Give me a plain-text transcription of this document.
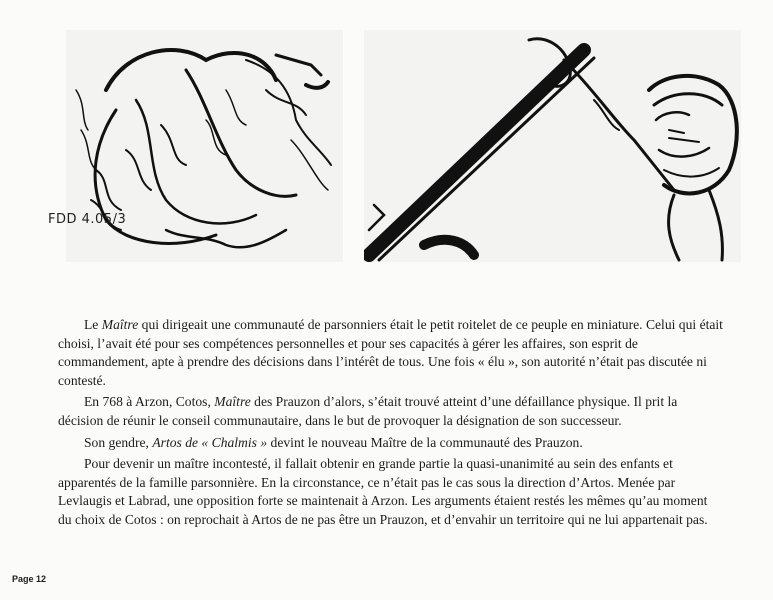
FDD 4.05/3

Le Maître qui dirigeait une communauté de parsonniers était le petit roitelet de ce peuple en miniature. Celui qui était choisi, l’avait été pour ses compétences personnelles et pour ses capacités à gérer les affaires, son esprit de commandement, apte à prendre des décisions dans l’intérêt de tous. Une fois « élu », son autorité n’était pas discutée ni contesté.

En 768 à Arzon, Cotos, Maître des Prauzon d’alors, s’était trouvé atteint d’une défaillance physique. Il prit la décision de réunir le conseil communautaire, dans le but de provoquer la désignation de son successeur.

Son gendre, Artos de « Chalmis » devint le nouveau Maître de la communauté des Prauzon.

Pour devenir un maître incontesté, il fallait obtenir en grande partie la quasi-unanimité au sein des enfants et apparentés de la famille parsonnière. En la circonstance, ce n’était pas le cas sous la direction d’Artos. Menée par Levlaugis et Labrad, une opposition forte se maintenait à Arzon. Les arguments étaient restés les mêmes qu’au moment du choix de Cotos : on reprochait à Artos de ne pas être un Prauzon, et d’envahir un territoire qui ne lui appartenait pas.

Page 12
